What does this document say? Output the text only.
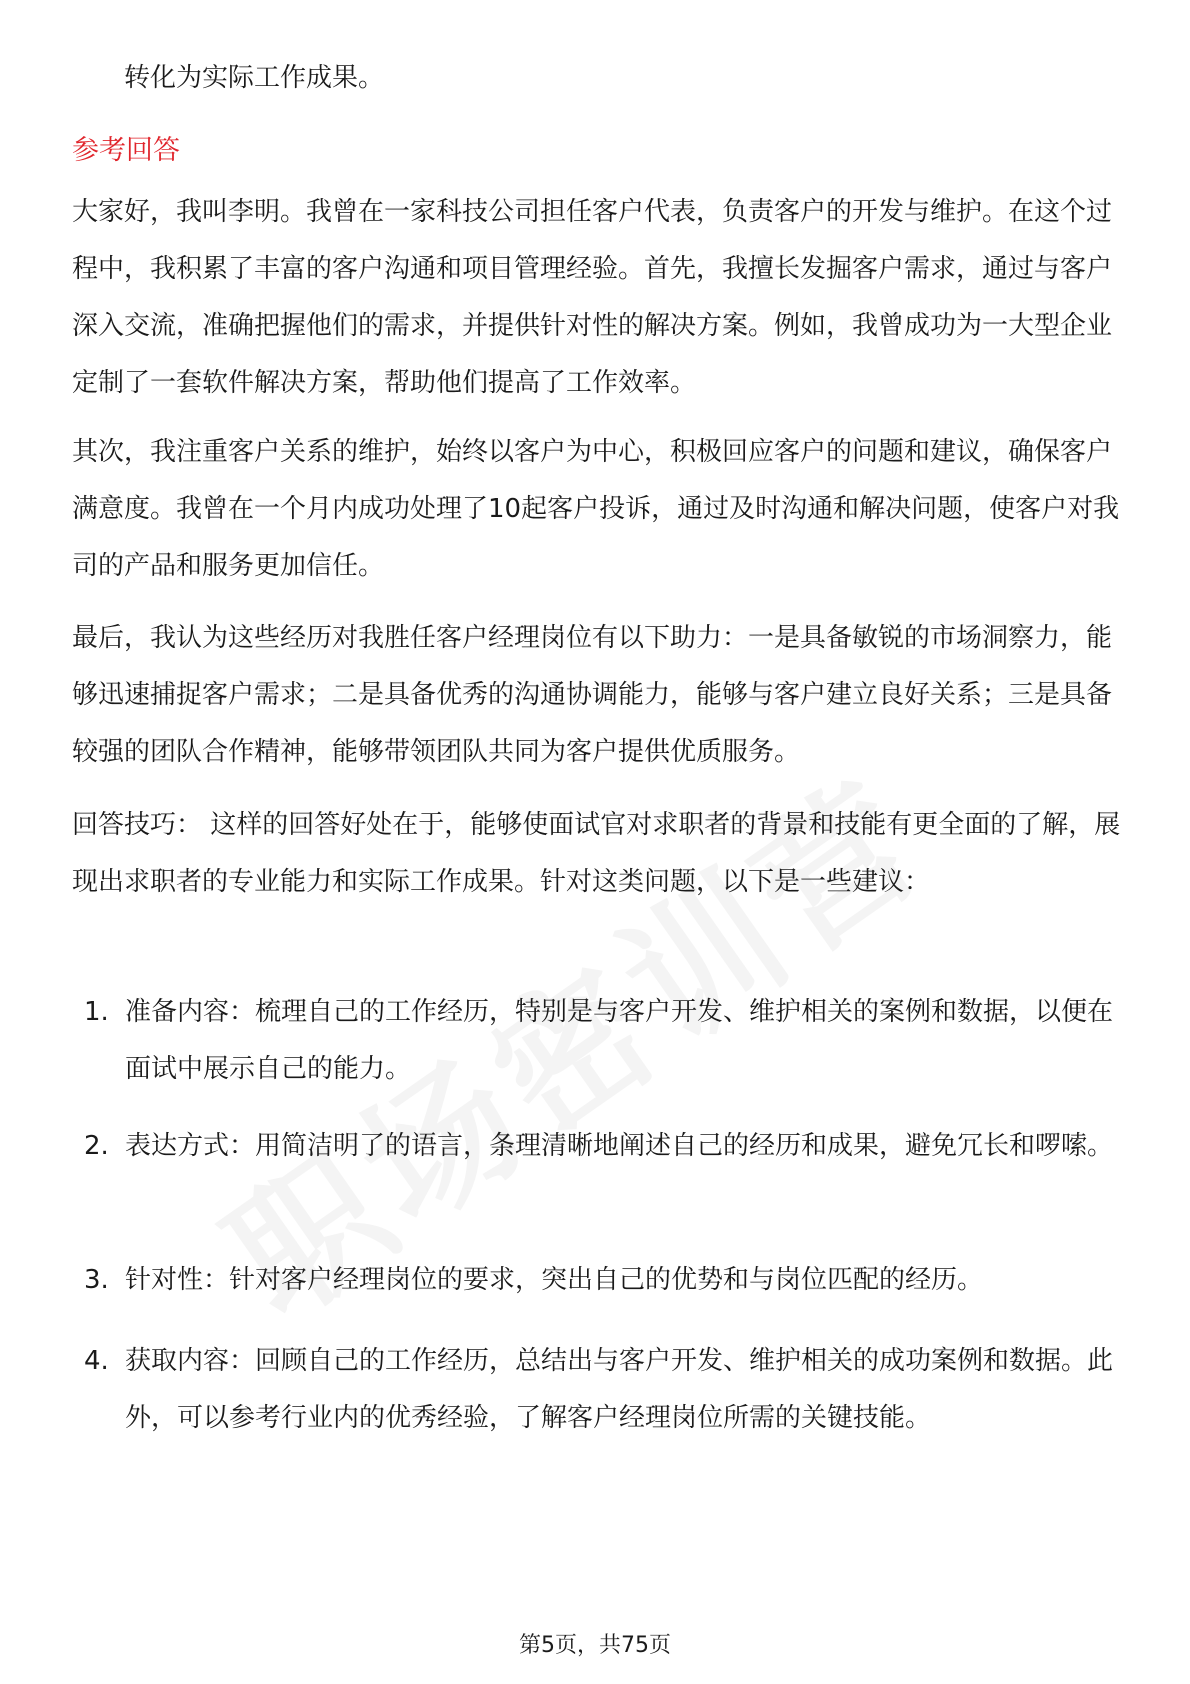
转化为实际工作成果。

参考回答

大家好，我叫李明。我曾在一家科技公司担任客户代表，负责客户的开发与维护。在这个过程中，我积累了丰富的客户沟通和项目管理经验。首先，我擅长发掘客户需求，通过与客户深入交流，准确把握他们的需求，并提供针对性的解决方案。例如，我曾成功为一大型企业定制了一套软件解决方案，帮助他们提高了工作效率。

其次，我注重客户关系的维护，始终以客户为中心，积极回应客户的问题和建议，确保客户满意度。我曾在一个月内成功处理了10起客户投诉，通过及时沟通和解决问题，使客户对我司的产品和服务更加信任。

最后，我认为这些经历对我胜任客户经理岗位有以下助力：一是具备敏锐的市场洞察力，能够迅速捕捉客户需求；二是具备优秀的沟通协调能力，能够与客户建立良好关系；三是具备较强的团队合作精神，能够带领团队共同为客户提供优质服务。

回答技巧： 这样的回答好处在于，能够使面试官对求职者的背景和技能有更全面的了解，展现出求职者的专业能力和实际工作成果。针对这类问题，以下是一些建议：

1. 准备内容：梳理自己的工作经历，特别是与客户开发、维护相关的案例和数据，以便在面试中展示自己的能力。
2. 表达方式：用简洁明了的语言，条理清晰地阐述自己的经历和成果，避免冗长和啰嗦。
3. 针对性：针对客户经理岗位的要求，突出自己的优势和与岗位匹配的经历。
4. 获取内容：回顾自己的工作经历，总结出与客户开发、维护相关的成功案例和数据。此外，可以参考行业内的优秀经验，了解客户经理岗位所需的关键技能。
第5页，共75页
